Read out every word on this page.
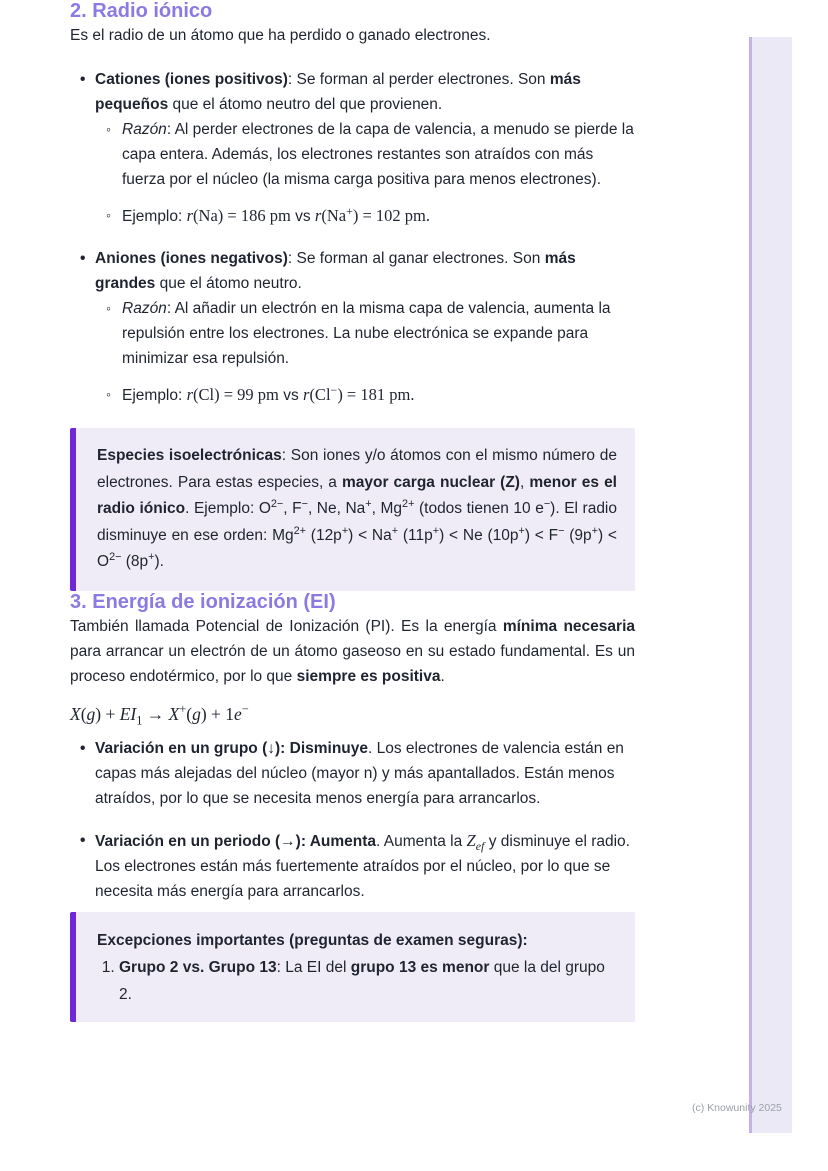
2. Radio iónico

Es el radio de un átomo que ha perdido o ganado electrones.

• Cationes (iones positivos): Se forman al perder electrones. Son más pequeños que el átomo neutro del que provienen.
◦ Razón: Al perder electrones de la capa de valencia, a menudo se pierde la capa entera. Además, los electrones restantes son atraídos con más fuerza por el núcleo (la misma carga positiva para menos electrones).
◦ Ejemplo: r(Na) = 186 pm vs r(Na+) = 102 pm.
• Aniones (iones negativos): Se forman al ganar electrones. Son más grandes que el átomo neutro.
◦ Razón: Al añadir un electrón en la misma capa de valencia, aumenta la repulsión entre los electrones. La nube electrónica se expande para minimizar esa repulsión.
◦ Ejemplo: r(Cl) = 99 pm vs r(Cl−) = 181 pm.

Especies isoelectrónicas: Son iones y/o átomos con el mismo número de electrones. Para estas especies, a mayor carga nuclear (Z), menor es el radio iónico. Ejemplo: $O^{2-}$, F−, Ne, Na+, $Mg^{2+}$ (todos tienen 10 e−). El radio disminuye en ese orden: $Mg^{2+}$ (12p+) < Na+ (11p+) < Ne (10p+) < F− $(9p^+) < O^{2-}$ (8p+).

3. Energía de ionización (EI)

También llamada Potencial de Ionización (PI). Es la energía mínima necesaria para arrancar un electrón de un átomo gaseoso en su estado fundamental. Es un proceso endotérmico, por lo que siempre es positiva.

$X(g) + EI_1 \to X^+(g) + 1e^-$

• Variación en un grupo (↓): Disminuye. Los electrones de valencia están en capas más alejadas del núcleo (mayor n) y más apantallados. Están menos atraídos, por lo que se necesita menos energía para arrancarlos.
• Variación en un periodo (→): Aumenta. Aumenta la $Z_{ef}$ y disminuye el radio. Los electrones están más fuertemente atraídos por el núcleo, por lo que se necesita más energía para arrancarlos.

Excepciones importantes (preguntas de examen seguras):

1. Grupo 2 vs. Grupo 13: La EI del grupo 13 es menor que la del grupo 2.
(c) Knowunity 2025
